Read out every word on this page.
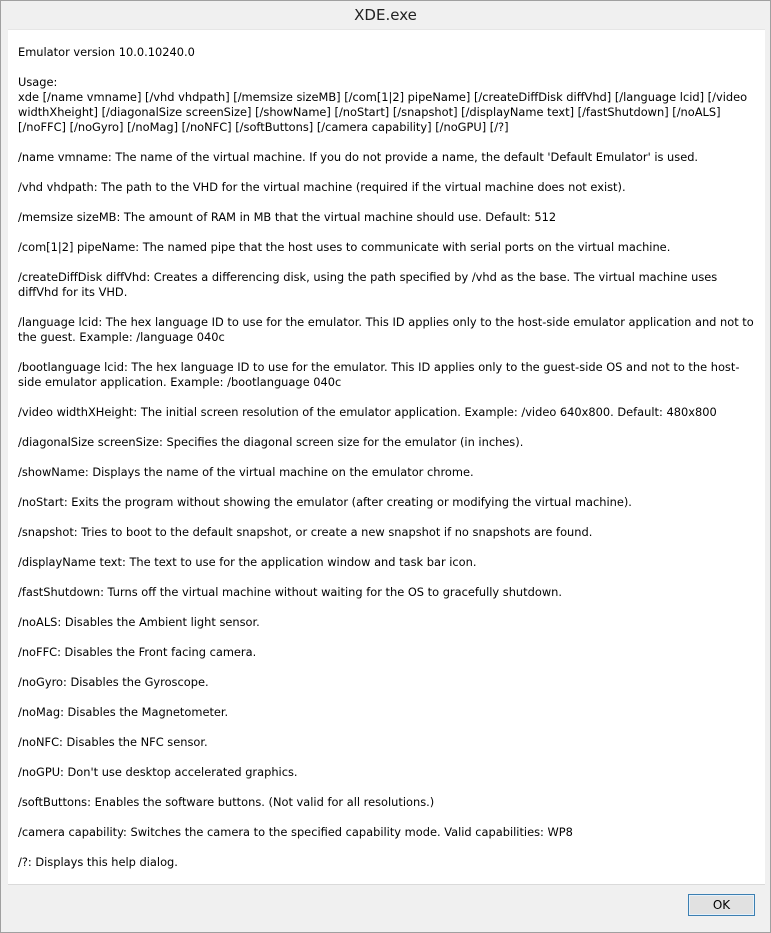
XDE.exe

Emulator version 10.0.10240.0

Usage:
xde [/name vmname] [/vhd vhdpath] [/memsize sizeMB] [/com[1|2] pipeName] [/createDiffDisk diffVhd] [/language lcid] [/video widthXheight] [/diagonalSize screenSize] [/showName] [/noStart] [/snapshot] [/displayName text] [/fastShutdown] [/noALS] [/noFFC] [/noGyro] [/noMag] [/noNFC] [/softButtons] [/camera capability] [/noGPU] [/?]

/name vmname: The name of the virtual machine. If you do not provide a name, the default 'Default Emulator' is used.

/vhd vhdpath: The path to the VHD for the virtual machine (required if the virtual machine does not exist).

/memsize sizeMB: The amount of RAM in MB that the virtual machine should use. Default: 512

/com[1|2] pipeName: The named pipe that the host uses to communicate with serial ports on the virtual machine.

/createDiffDisk diffVhd: Creates a differencing disk, using the path specified by /vhd as the base. The virtual machine uses diffVhd for its VHD.

/language lcid: The hex language ID to use for the emulator. This ID applies only to the host-side emulator application and not to the guest. Example: /language 040c

/bootlanguage lcid: The hex language ID to use for the emulator. This ID applies only to the guest-side OS and not to the host-side emulator application. Example: /bootlanguage 040c

/video widthXHeight: The initial screen resolution of the emulator application. Example: /video 640x800. Default: 480x800

/diagonalSize screenSize: Specifies the diagonal screen size for the emulator (in inches).

/showName: Displays the name of the virtual machine on the emulator chrome.

/noStart: Exits the program without showing the emulator (after creating or modifying the virtual machine).

/snapshot: Tries to boot to the default snapshot, or create a new snapshot if no snapshots are found.

/displayName text: The text to use for the application window and task bar icon.

/fastShutdown: Turns off the virtual machine without waiting for the OS to gracefully shutdown.

/noALS: Disables the Ambient light sensor.

/noFFC: Disables the Front facing camera.

/noGyro: Disables the Gyroscope.

/noMag: Disables the Magnetometer.

/noNFC: Disables the NFC sensor.

/noGPU: Don't use desktop accelerated graphics.

/softButtons: Enables the software buttons. (Not valid for all resolutions.)

/camera capability: Switches the camera to the specified capability mode. Valid capabilities: WP8

/?: Displays this help dialog.

OK
